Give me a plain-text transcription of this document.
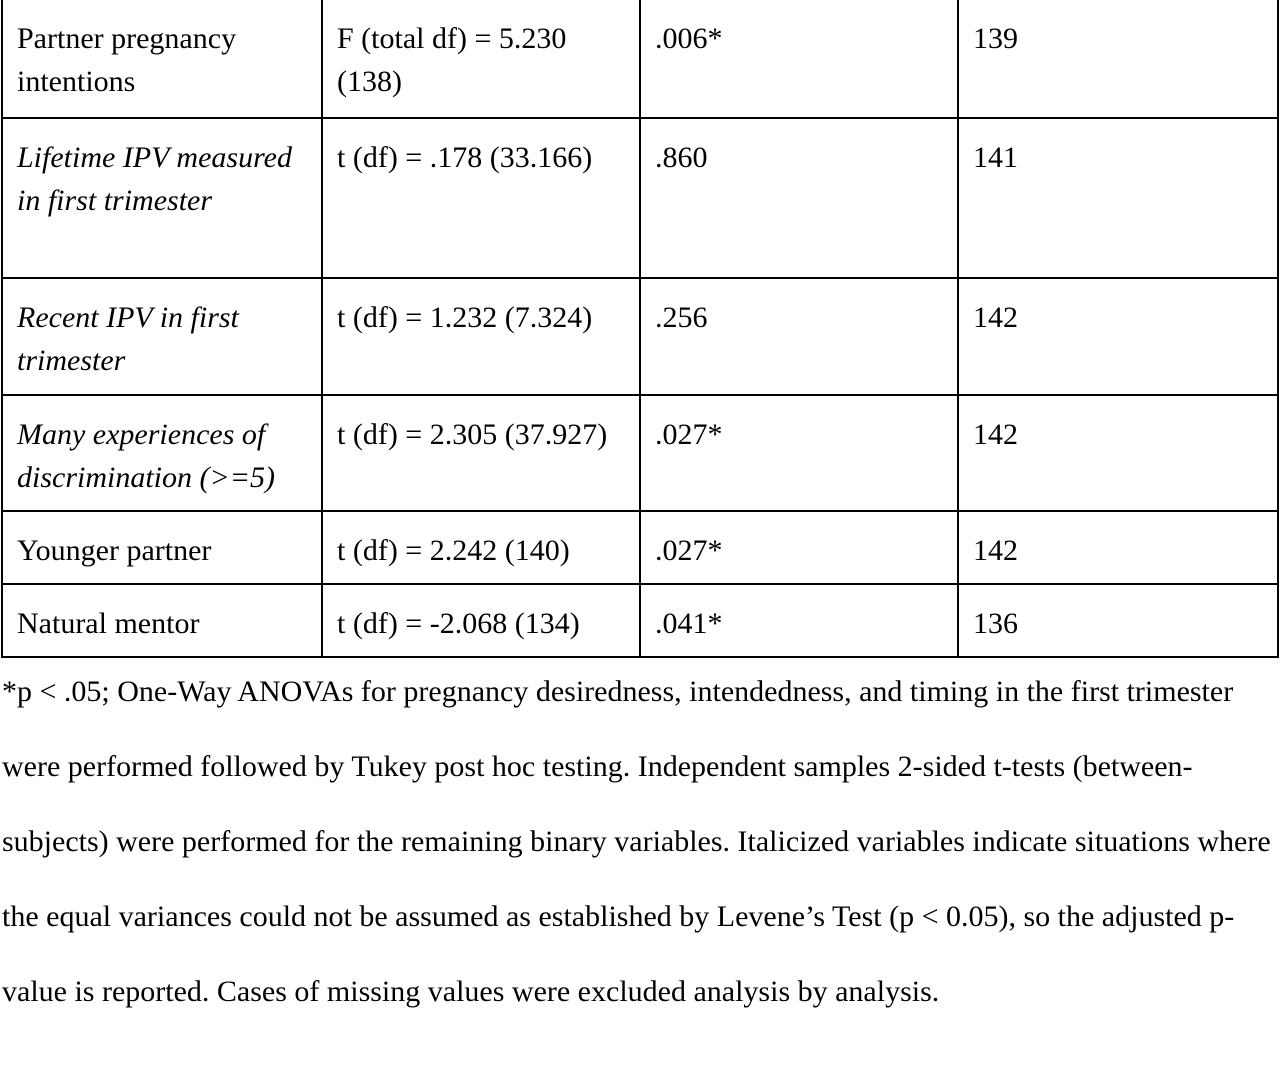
Partner pregnancy intentions	F (total df) = 5.230 (138)	.006*	139
Lifetime IPV measured in first trimester	t (df) = .178 (33.166)	.860	141
Recent IPV in first trimester	t (df) = 1.232 (7.324)	.256	142
Many experiences of discrimination (>=5)	t (df) = 2.305 (37.927)	.027*	142
Younger partner	t (df) = 2.242 (140)	.027*	142
Natural mentor	t (df) = -2.068 (134)	.041*	136

*p < .05; One-Way ANOVAs for pregnancy desiredness, intendedness, and timing in the first trimester were performed followed by Tukey post hoc testing. Independent samples 2-sided t-tests (between-subjects) were performed for the remaining binary variables. Italicized variables indicate situations where the equal variances could not be assumed as established by Levene’s Test (p < 0.05), so the adjusted p-value is reported. Cases of missing values were excluded analysis by analysis.
